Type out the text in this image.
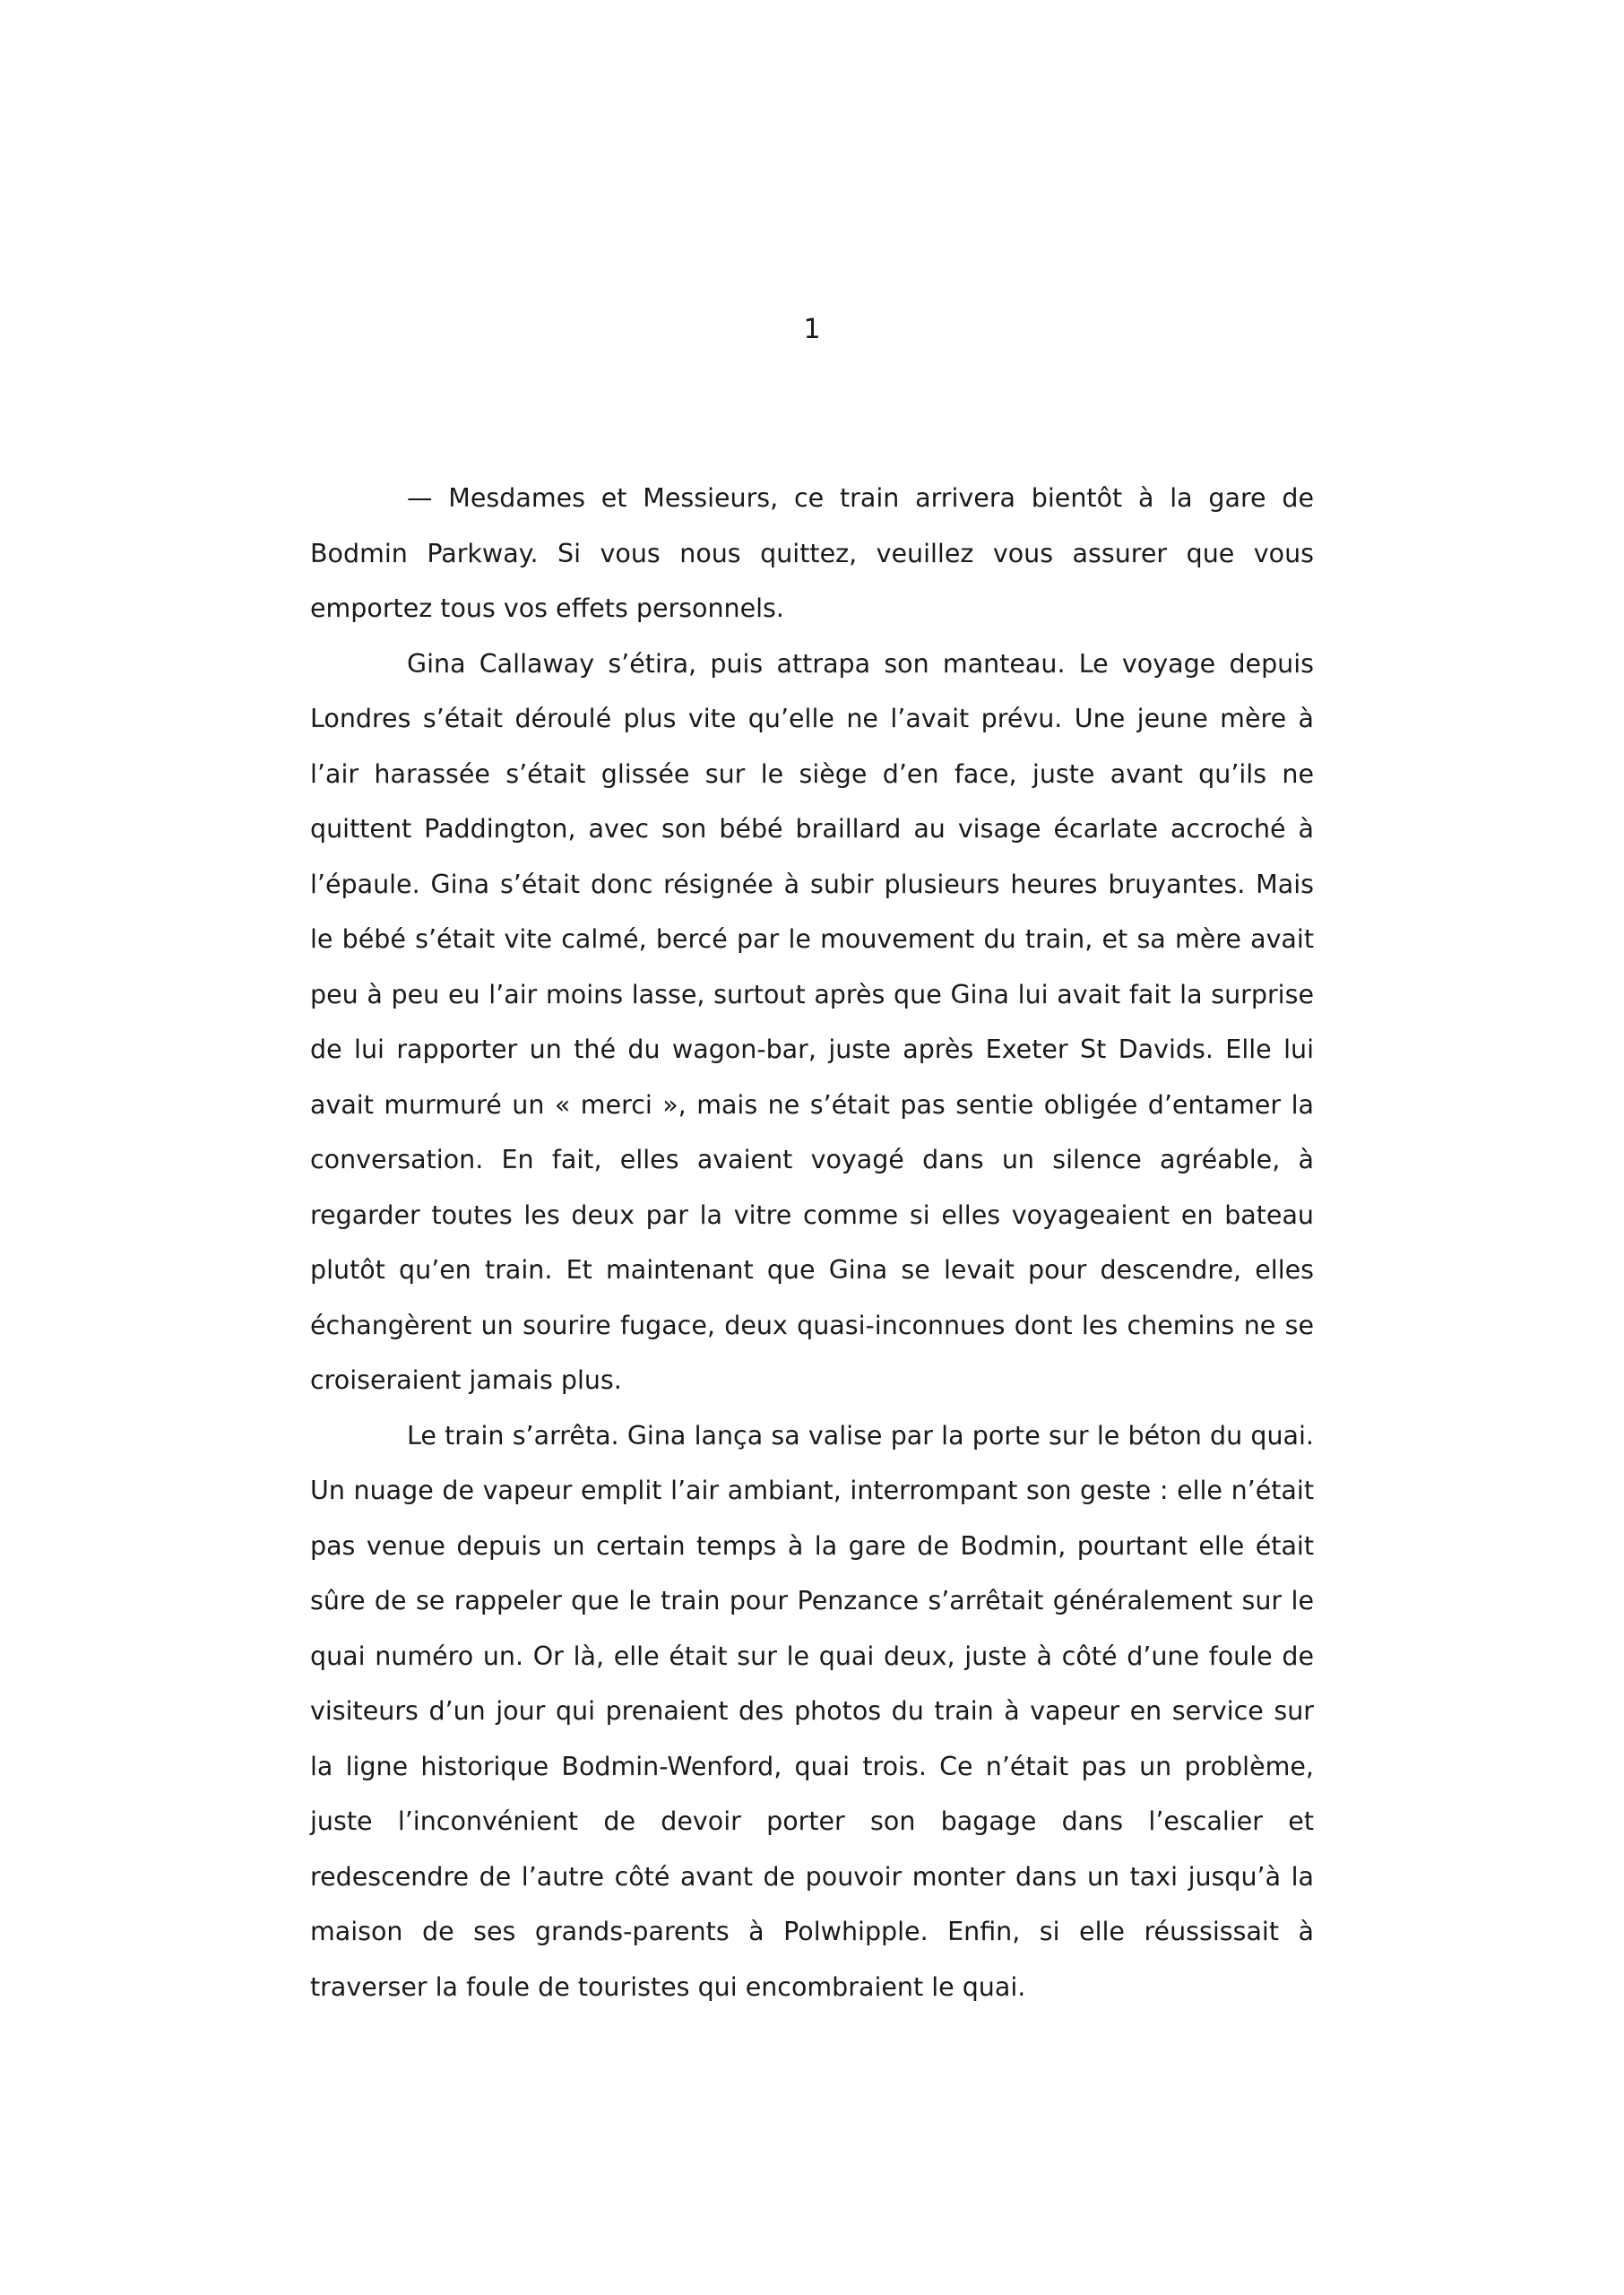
1

— Mesdames et Messieurs, ce train arrivera bientôt à la gare de Bodmin Parkway. Si vous nous quittez, veuillez vous assurer que vous emportez tous vos effets personnels.

Gina Callaway s’étira, puis attrapa son manteau. Le voyage depuis Londres s’était déroulé plus vite qu’elle ne l’avait prévu. Une jeune mère à l’air harassée s’était glissée sur le siège d’en face, juste avant qu’ils ne quittent Paddington, avec son bébé braillard au visage écarlate accroché à l’épaule. Gina s’était donc résignée à subir plusieurs heures bruyantes. Mais le bébé s’était vite calmé, bercé par le mouvement du train, et sa mère avait peu à peu eu l’air moins lasse, surtout après que Gina lui avait fait la surprise de lui rapporter un thé du wagon-bar, juste après Exeter St Davids. Elle lui avait murmuré un « merci », mais ne s’était pas sentie obligée d’entamer la conversation. En fait, elles avaient voyagé dans un silence agréable, à regarder toutes les deux par la vitre comme si elles voyageaient en bateau plutôt qu’en train. Et maintenant que Gina se levait pour descendre, elles échangèrent un sourire fugace, deux quasi-inconnues dont les chemins ne se croiseraient jamais plus.

Le train s’arrêta. Gina lança sa valise par la porte sur le béton du quai. Un nuage de vapeur emplit l’air ambiant, interrompant son geste : elle n’était pas venue depuis un certain temps à la gare de Bodmin, pourtant elle était sûre de se rappeler que le train pour Penzance s’arrêtait généralement sur le quai numéro un. Or là, elle était sur le quai deux, juste à côté d’une foule de visiteurs d’un jour qui prenaient des photos du train à vapeur en service sur la ligne historique Bodmin-Wenford, quai trois. Ce n’était pas un problème, juste l’inconvénient de devoir porter son bagage dans l’escalier et redescendre de l’autre côté avant de pouvoir monter dans un taxi jusqu’à la maison de ses grands-parents à Polwhipple. Enfin, si elle réussissait à traverser la foule de touristes qui encombraient le quai.
